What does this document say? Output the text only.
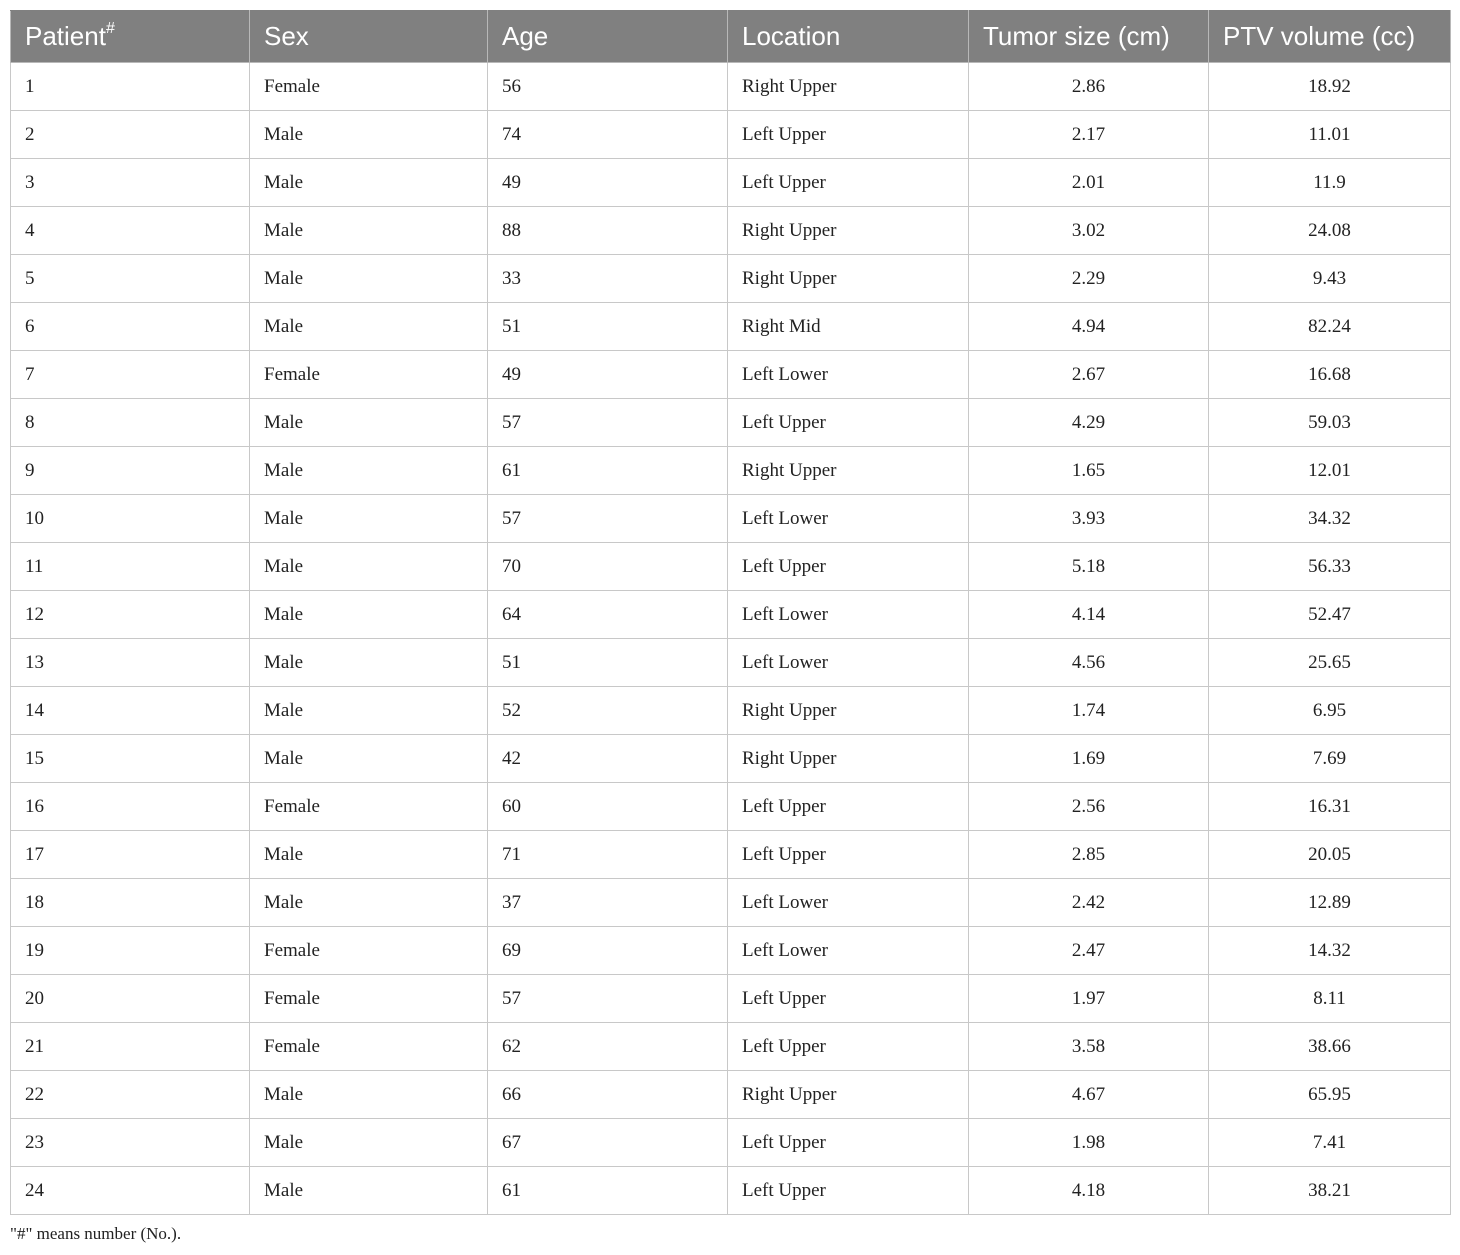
Patient#	Sex	Age	Location	Tumor size (cm)	PTV volume (cc)
1	Female	56	Right Upper	2.86	18.92
2	Male	74	Left Upper	2.17	11.01
3	Male	49	Left Upper	2.01	11.9
4	Male	88	Right Upper	3.02	24.08
5	Male	33	Right Upper	2.29	9.43
6	Male	51	Right Mid	4.94	82.24
7	Female	49	Left Lower	2.67	16.68
8	Male	57	Left Upper	4.29	59.03
9	Male	61	Right Upper	1.65	12.01
10	Male	57	Left Lower	3.93	34.32
11	Male	70	Left Upper	5.18	56.33
12	Male	64	Left Lower	4.14	52.47
13	Male	51	Left Lower	4.56	25.65
14	Male	52	Right Upper	1.74	6.95
15	Male	42	Right Upper	1.69	7.69
16	Female	60	Left Upper	2.56	16.31
17	Male	71	Left Upper	2.85	20.05
18	Male	37	Left Lower	2.42	12.89
19	Female	69	Left Lower	2.47	14.32
20	Female	57	Left Upper	1.97	8.11
21	Female	62	Left Upper	3.58	38.66
22	Male	66	Right Upper	4.67	65.95
23	Male	67	Left Upper	1.98	7.41
24	Male	61	Left Upper	4.18	38.21
"#" means number (No.).
